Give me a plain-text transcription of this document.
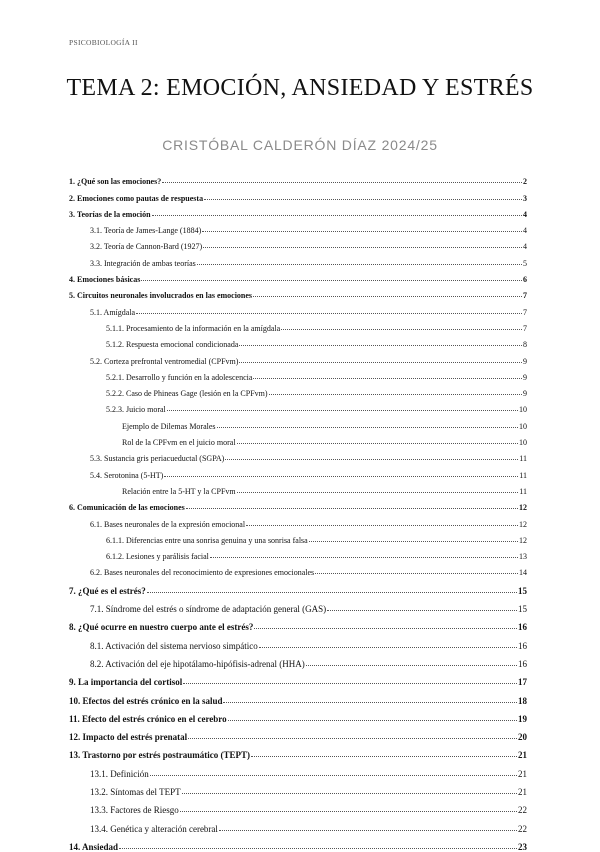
PSICOBIOLOGÍA II
TEMA 2: EMOCIÓN, ANSIEDAD Y ESTRÉS
CRISTÓBAL CALDERÓN DÍAZ 2024/25
1. ¿Qué son las emociones?	2
2. Emociones como pautas de respuesta	3
3. Teorías de la emoción	4
3.1. Teoría de James-Lange (1884)	4
3.2. Teoría de Cannon-Bard (1927)	4
3.3. Integración de ambas teorías	5
4. Emociones básicas	6
5. Circuitos neuronales involucrados en las emociones	7
5.1. Amígdala	7
5.1.1. Procesamiento de la información en la amígdala	7
5.1.2. Respuesta emocional condicionada	8
5.2. Corteza prefrontal ventromedial (CPFvm)	9
5.2.1. Desarrollo y función en la adolescencia	9
5.2.2. Caso de Phineas Gage (lesión en la CPFvm)	9
5.2.3. Juicio moral	10
Ejemplo de Dilemas Morales	10
Rol de la CPFvm en el juicio moral	10
5.3. Sustancia gris periacueductal (SGPA)	11
5.4. Serotonina (5-HT)	11
Relación entre la 5-HT y la CPFvm	11
6. Comunicación de las emociones	12
6.1. Bases neuronales de la expresión emocional	12
6.1.1. Diferencias entre una sonrisa genuina y una sonrisa falsa	12
6.1.2. Lesiones y parálisis facial	13
6.2. Bases neuronales del reconocimiento de expresiones emocionales	14
7. ¿Qué es el estrés?	15
7.1. Síndrome del estrés o síndrome de adaptación general (GAS)	15
8. ¿Qué ocurre en nuestro cuerpo ante el estrés?	16
8.1. Activación del sistema nervioso simpático	16
8.2. Activación del eje hipotálamo-hipófisis-adrenal (HHA)	16
9. La importancia del cortisol	17
10. Efectos del estrés crónico en la salud	18
11. Efecto del estrés crónico en el cerebro	19
12. Impacto del estrés prenatal	20
13. Trastorno por estrés postraumático (TEPT)	21
13.1. Definición	21
13.2. Síntomas del TEPT	21
13.3. Factores de Riesgo	22
13.4. Genética y alteración cerebral	22
14. Ansiedad	23
